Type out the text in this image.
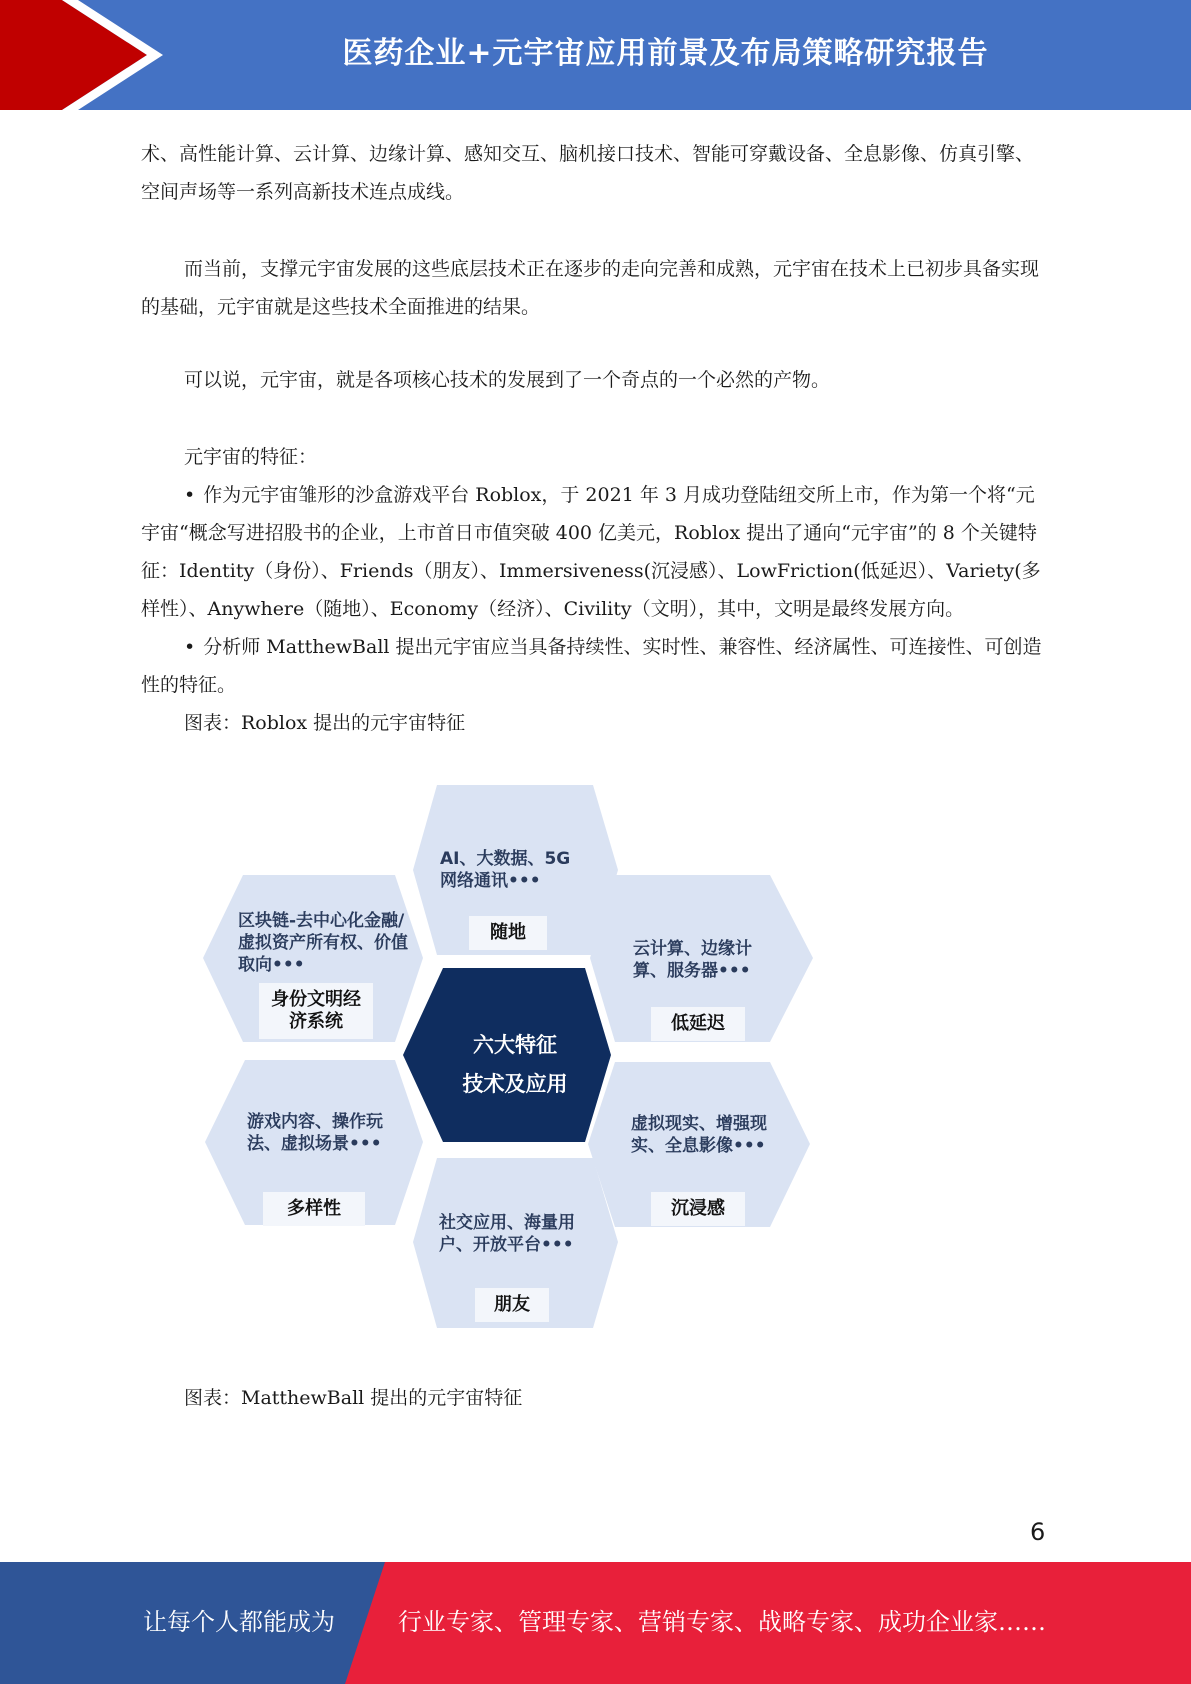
医药企业+元宇宙应用前景及布局策略研究报告

术、高性能计算、云计算、边缘计算、感知交互、脑机接口技术、智能可穿戴设备、全息影像、仿真引擎、空间声场等一系列高新技术连点成线。

而当前，支撑元宇宙发展的这些底层技术正在逐步的走向完善和成熟，元宇宙在技术上已初步具备实现的基础，元宇宙就是这些技术全面推进的结果。

可以说，元宇宙，就是各项核心技术的发展到了一个奇点的一个必然的产物。

元宇宙的特征：

• 作为元宇宙雏形的沙盒游戏平台 Roblox，于 2021 年 3 月成功登陆纽交所上市，作为第一个将“元宇宙“概念写进招股书的企业，上市首日市值突破 400 亿美元，Roblox 提出了通向“元宇宙”的 8 个关键特征：Identity（身份）、Friends（朋友）、Immersiveness(沉浸感）、LowFriction(低延迟）、Variety(多样性）、Anywhere（随地）、Economy（经济）、Civility（文明），其中，文明是最终发展方向。

• 分析师 MatthewBall 提出元宇宙应当具备持续性、实时性、兼容性、经济属性、可连接性、可创造性的特征。

图表：Roblox 提出的元宇宙特征

AI、大数据、5G网络通讯•••
随地
区块链-去中心化金融/虚拟资产所有权、价值取向•••
身份文明经济系统
云计算、边缘计算、服务器•••
低延迟
六大特征
技术及应用
游戏内容、操作玩法、虚拟场景•••
多样性
虚拟现实、增强现实、全息影像•••
沉浸感
社交应用、海量用户、开放平台•••
朋友

图表：MatthewBall 提出的元宇宙特征

6
让每个人都能成为	行业专家、管理专家、营销专家、战略专家、成功企业家……
